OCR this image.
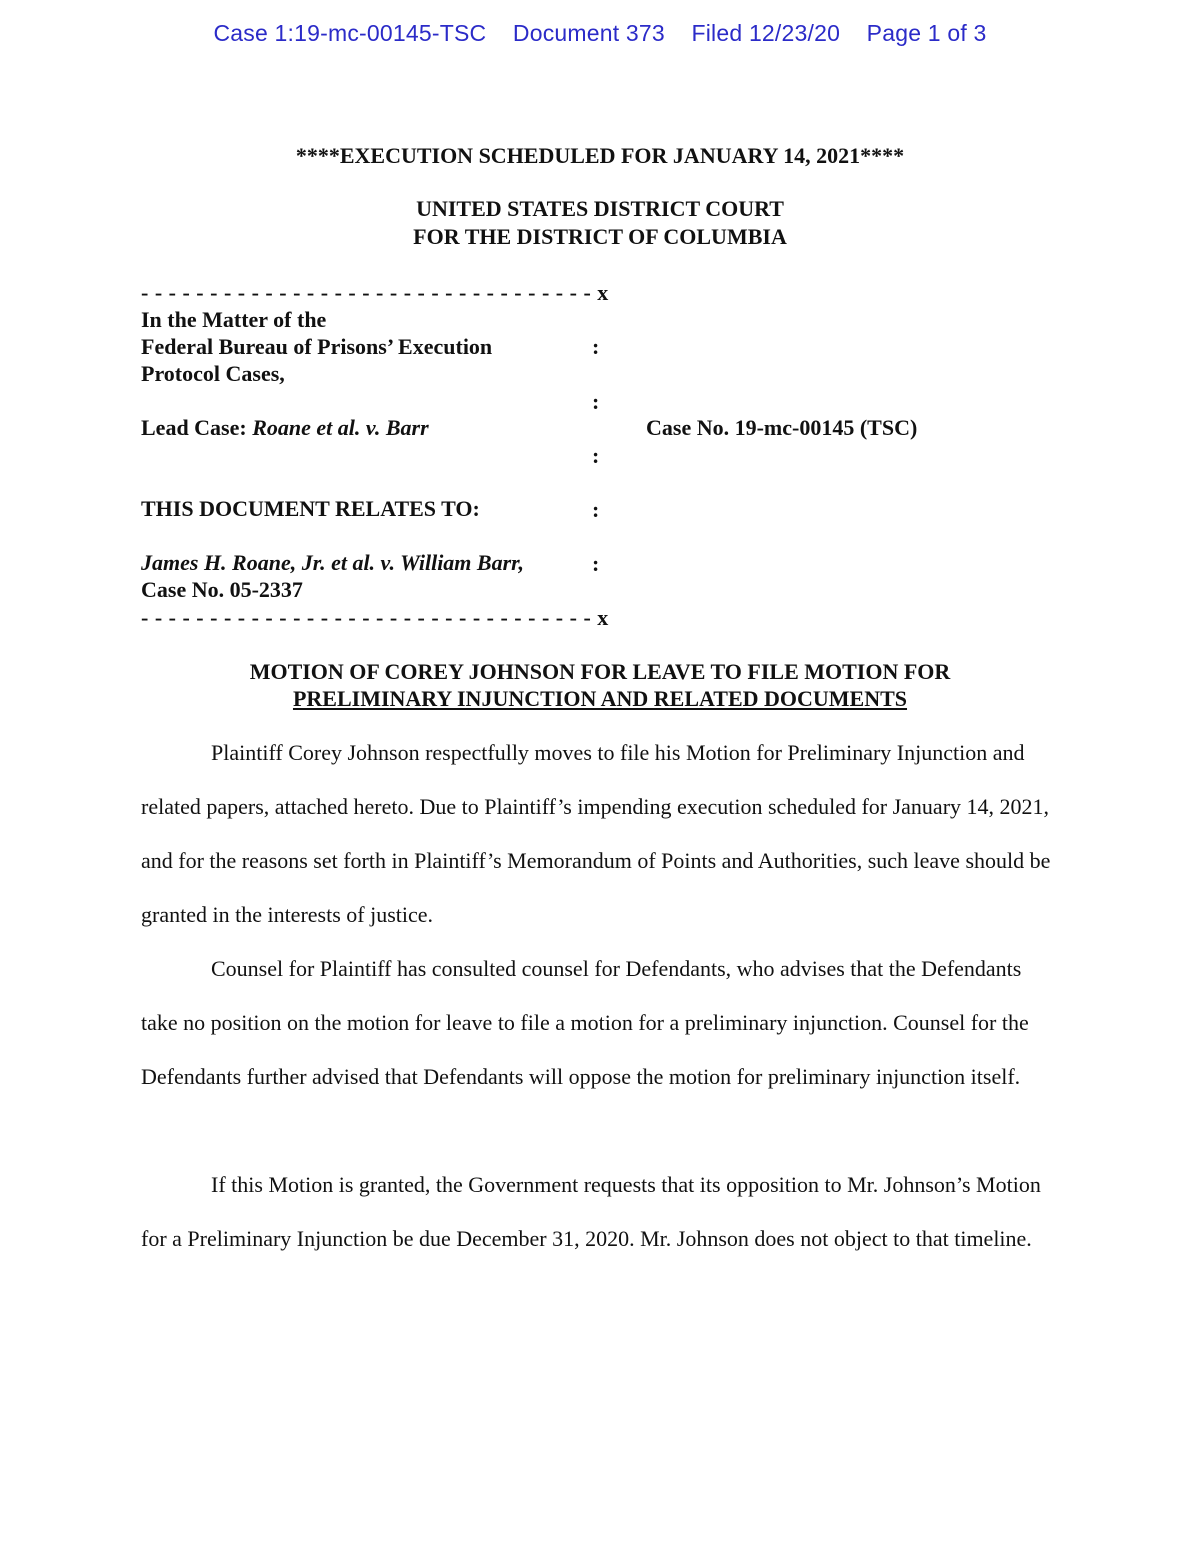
Case 1:19-mc-00145-TSC Document 373 Filed 12/23/20 Page 1 of 3
****EXECUTION SCHEDULED FOR JANUARY 14, 2021****
UNITED STATES DISTRICT COURT
FOR THE DISTRICT OF COLUMBIA
- - - - - - - - - - - - - - - - - - - - - - - - - - - - - - - - - x
In the Matter of the
Federal Bureau of Prisons’ Execution
Protocol Cases,
:
:
Lead Case: Roane et al. v. Barr	Case No. 19-mc-00145 (TSC)
:
THIS DOCUMENT RELATES TO:	:
James H. Roane, Jr. et al. v. William Barr,	:
Case No. 05-2337
- - - - - - - - - - - - - - - - - - - - - - - - - - - - - - - - - x
MOTION OF COREY JOHNSON FOR LEAVE TO FILE MOTION FOR
PRELIMINARY INJUNCTION AND RELATED DOCUMENTS

Plaintiff Corey Johnson respectfully moves to file his Motion for Preliminary Injunction and related papers, attached hereto. Due to Plaintiff’s impending execution scheduled for January 14, 2021, and for the reasons set forth in Plaintiff’s Memorandum of Points and Authorities, such leave should be granted in the interests of justice.

Counsel for Plaintiff has consulted counsel for Defendants, who advises that the Defendants take no position on the motion for leave to file a motion for a preliminary injunction. Counsel for the Defendants further advised that Defendants will oppose the motion for preliminary injunction itself.

If this Motion is granted, the Government requests that its opposition to Mr. Johnson’s Motion for a Preliminary Injunction be due December 31, 2020. Mr. Johnson does not object to that timeline.
